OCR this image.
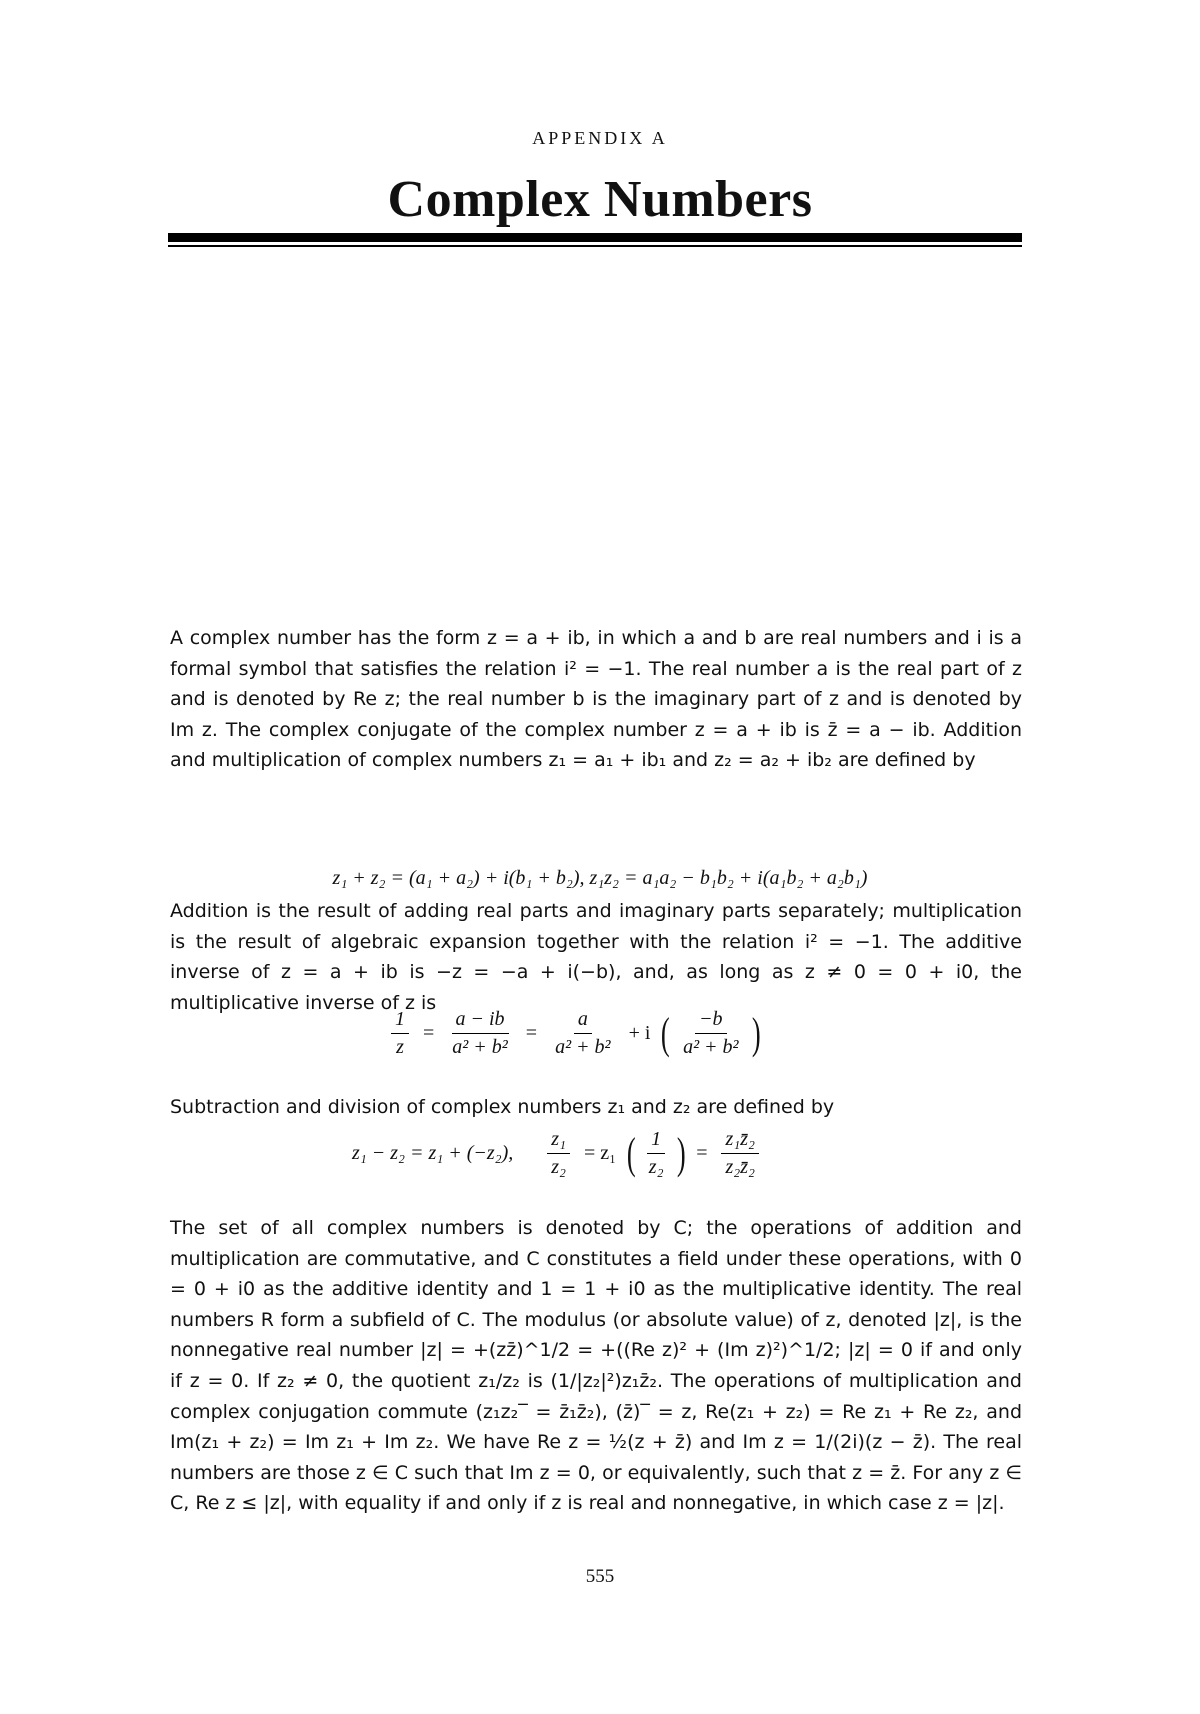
APPENDIX A
Complex Numbers

A complex number has the form z = a + ib, in which a and b are real numbers and i is a formal symbol that satisfies the relation i² = −1. The real number a is the real part of z and is denoted by Re z; the real number b is the imaginary part of z and is denoted by Im z. The complex conjugate of the complex number z = a + ib is z̄ = a − ib. Addition and multiplication of complex numbers z₁ = a₁ + ib₁ and z₂ = a₂ + ib₂ are defined by

z₁ + z₂ = (a₁ + a₂) + i(b₁ + b₂), z₁z₂ = a₁a₂ − b₁b₂ + i(a₁b₂ + a₂b₁)

Addition is the result of adding real parts and imaginary parts separately; multiplication is the result of algebraic expansion together with the relation i² = −1. The additive inverse of z = a + ib is −z = −a + i(−b), and, as long as z ≠ 0 = 0 + i0, the multiplicative inverse of z is

$\frac{1}{z} = \frac{a - ib}{\text{a² + b²}} = \frac{a}{\text{a² + b²}} + i$ ( $\frac{-b}{\text{a² + b²}}$ )

Subtraction and division of complex numbers z₁ and z₂ are defined by

z₁ − z₂ = z₁ + (−z₂), $\frac{\text{z₁}}{\text{z₂}} = z_1$ ( $\frac{1}{\text{z₂}}$ ) = $\frac{\text{z₁z̄₂}}{\text{z₂z̄₂}}$

The set of all complex numbers is denoted by C; the operations of addition and multiplication are commutative, and C constitutes a field under these operations, with 0 = 0 + i0 as the additive identity and 1 = 1 + i0 as the multiplicative identity. The real numbers R form a subfield of C. The modulus (or absolute value) of z, denoted |z|, is the nonnegative real number |z| = +(zz̄)^1/2 = +((Re z)² + (Im z)²)^1/2; |z| = 0 if and only if z = 0. If z₂ ≠ 0, the quotient z₁/z₂ is (1/|z₂|²)z₁z̄₂. The operations of multiplication and complex conjugation commute (z₁z₂‾ = z̄₁z̄₂), (z̄)‾ = z, Re(z₁ + z₂) = Re z₁ + Re z₂, and Im(z₁ + z₂) = Im z₁ + Im z₂. We have Re z = ½(z + z̄) and Im z = 1/(2i)(z − z̄). The real numbers are those z ∈ C such that Im z = 0, or equivalently, such that z = z̄. For any z ∈ C, Re z ≤ |z|, with equality if and only if z is real and nonnegative, in which case z = |z|.

555
